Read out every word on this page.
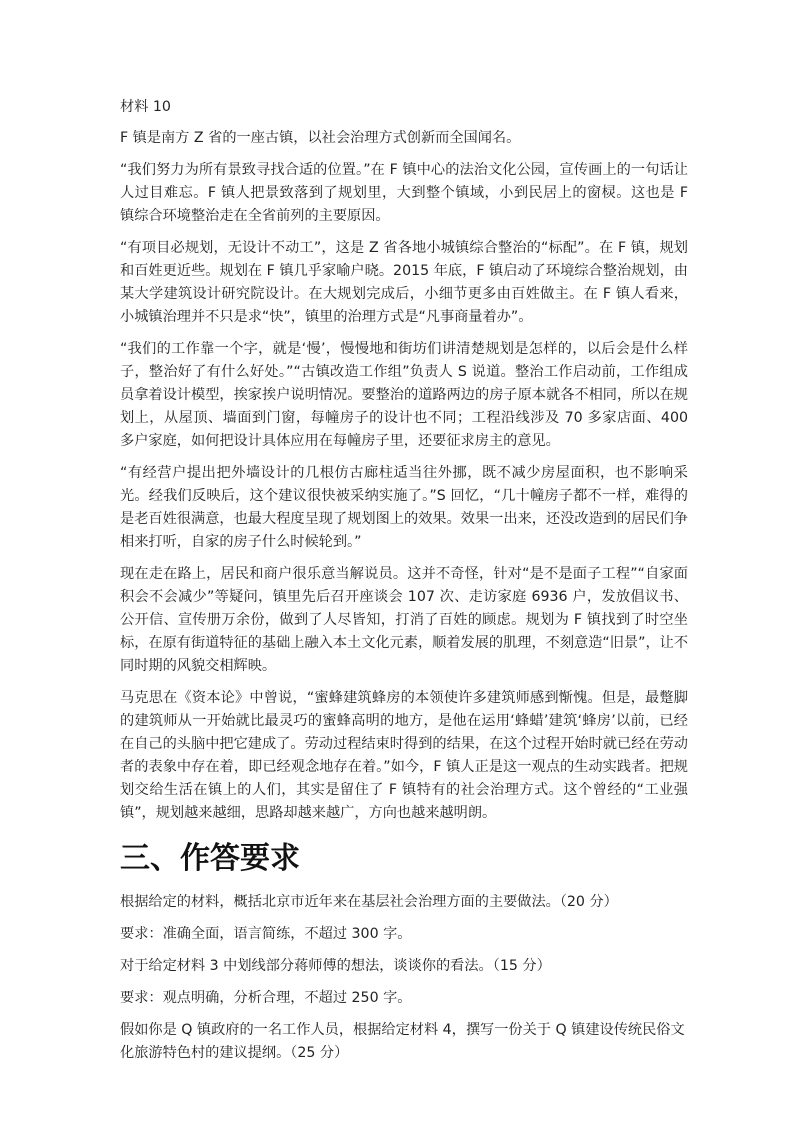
材料 10

F 镇是南方 Z 省的一座古镇，以社会治理方式创新而全国闻名。

“我们努力为所有景致寻找合适的位置。”在 F 镇中心的法治文化公园，宣传画上的一句话让人过目难忘。F 镇人把景致落到了规划里，大到整个镇域，小到民居上的窗棂。这也是 F 镇综合环境整治走在全省前列的主要原因。

“有项目必规划，无设计不动工”，这是 Z 省各地小城镇综合整治的“标配”。在 F 镇，规划和百姓更近些。规划在 F 镇几乎家喻户晓。2015 年底，F 镇启动了环境综合整治规划，由某大学建筑设计研究院设计。在大规划完成后，小细节更多由百姓做主。在 F 镇人看来，小城镇治理并不只是求“快”，镇里的治理方式是“凡事商量着办”。

“我们的工作靠一个字，就是‘慢’，慢慢地和街坊们讲清楚规划是怎样的，以后会是什么样子，整治好了有什么好处。”“古镇改造工作组”负责人 S 说道。整治工作启动前，工作组成员拿着设计模型，挨家挨户说明情况。要整治的道路两边的房子原本就各不相同，所以在规划上，从屋顶、墙面到门窗，每幢房子的设计也不同；工程沿线涉及 70 多家店面、400 多户家庭，如何把设计具体应用在每幢房子里，还要征求房主的意见。

“有经营户提出把外墙设计的几根仿古廊柱适当往外挪，既不减少房屋面积，也不影响采光。经我们反映后，这个建议很快被采纳实施了。”S 回忆，“几十幢房子都不一样，难得的是老百姓很满意，也最大程度呈现了规划图上的效果。效果一出来，还没改造到的居民们争相来打听，自家的房子什么时候轮到。”

现在走在路上，居民和商户很乐意当解说员。这并不奇怪，针对“是不是面子工程”“自家面积会不会减少”等疑问，镇里先后召开座谈会 107 次、走访家庭 6936 户，发放倡议书、公开信、宣传册万余份，做到了人尽皆知，打消了百姓的顾虑。规划为 F 镇找到了时空坐标，在原有街道特征的基础上融入本土文化元素，顺着发展的肌理，不刻意造“旧景”，让不同时期的风貌交相辉映。

马克思在《资本论》中曾说，“蜜蜂建筑蜂房的本领使许多建筑师感到惭愧。但是，最蹩脚的建筑师从一开始就比最灵巧的蜜蜂高明的地方，是他在运用‘蜂蜡’建筑‘蜂房’以前，已经在自己的头脑中把它建成了。劳动过程结束时得到的结果，在这个过程开始时就已经在劳动者的表象中存在着，即已经观念地存在着。”如今，F 镇人正是这一观点的生动实践者。把规划交给生活在镇上的人们，其实是留住了 F 镇特有的社会治理方式。这个曾经的“工业强镇”，规划越来越细，思路却越来越广，方向也越来越明朗。

三、作答要求

根据给定的材料，概括北京市近年来在基层社会治理方面的主要做法。（20 分）

要求：准确全面，语言简练，不超过 300 字。

对于给定材料 3 中划线部分蒋师傅的想法，谈谈你的看法。（15 分）

要求：观点明确，分析合理，不超过 250 字。

假如你是 Q 镇政府的一名工作人员，根据给定材料 4，撰写一份关于 Q 镇建设传统民俗文化旅游特色村的建议提纲。（25 分）
